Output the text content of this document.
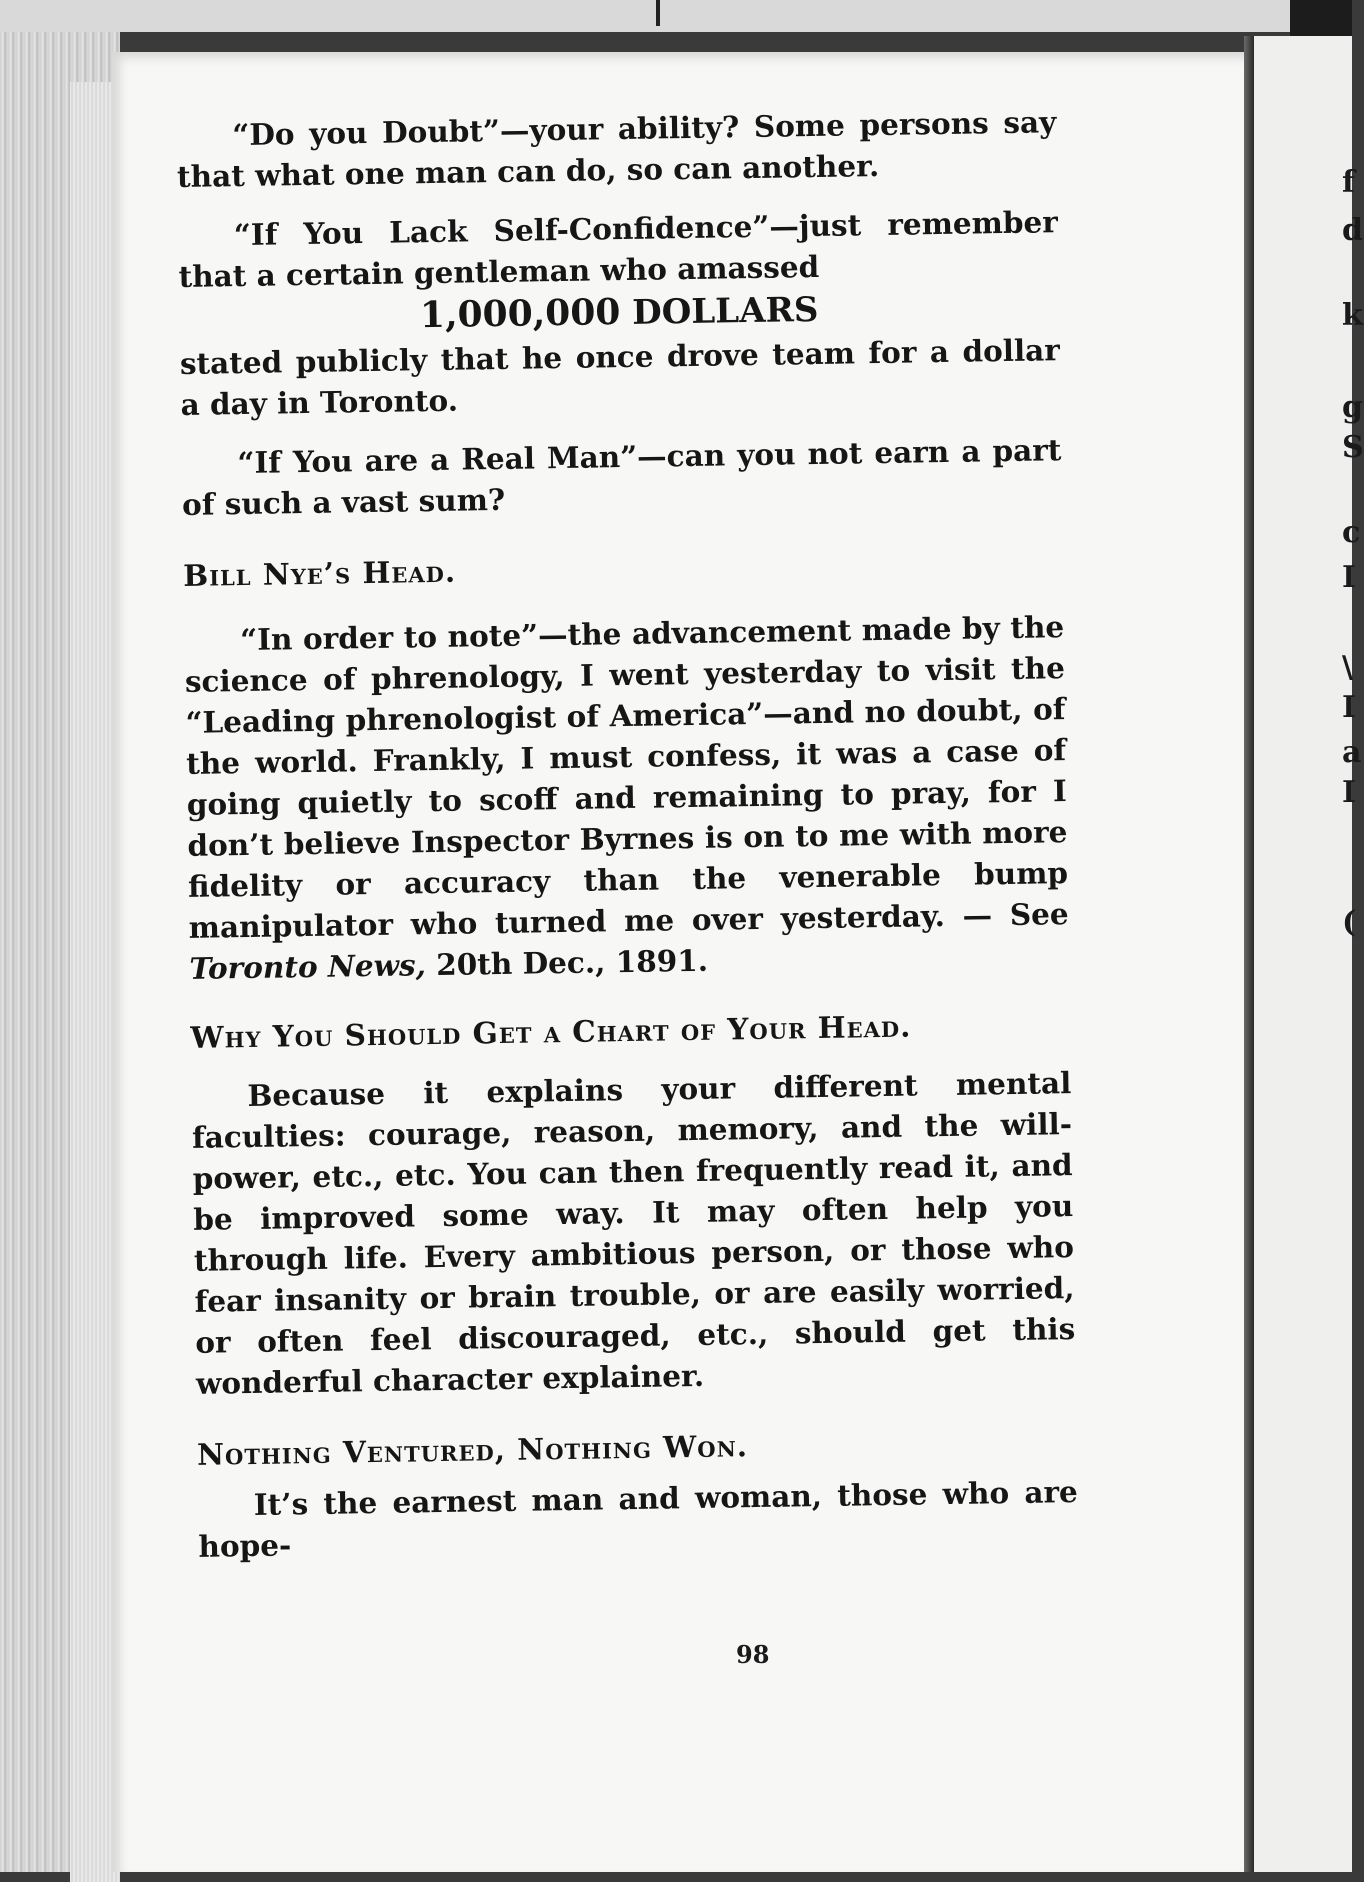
f
d
k
g
S
c
I
\
I
a
I
(

“Do you Doubt”—your ability? Some persons say that what one man can do, so can another.

“If You Lack Self-Confidence”—just remember that a certain gentleman who amassed

1,000,000 DOLLARS

stated publicly that he once drove team for a dollar a day in Toronto.

“If You are a Real Man”—can you not earn a part of such a vast sum?

Bill Nye’s Head.

“In order to note”—the advancement made by the science of phrenology, I went yesterday to visit the “Leading phrenologist of America”—and no doubt, of the world. Frankly, I must confess, it was a case of going quietly to scoff and remaining to pray, for I don’t believe Inspector Byrnes is on to me with more fidelity or accuracy than the venerable bump manipulator who turned me over yesterday. — See Toronto News, 20th Dec., 1891.

Why You Should Get a Chart of Your Head.

Because it explains your different mental faculties: courage, reason, memory, and the will-power, etc., etc. You can then frequently read it, and be improved some way. It may often help you through life. Every ambitious person, or those who fear insanity or brain trouble, or are easily worried, or often feel discouraged, etc., should get this wonderful character explainer.

Nothing Ventured, Nothing Won.

It’s the earnest man and woman, those who are hope-

98
